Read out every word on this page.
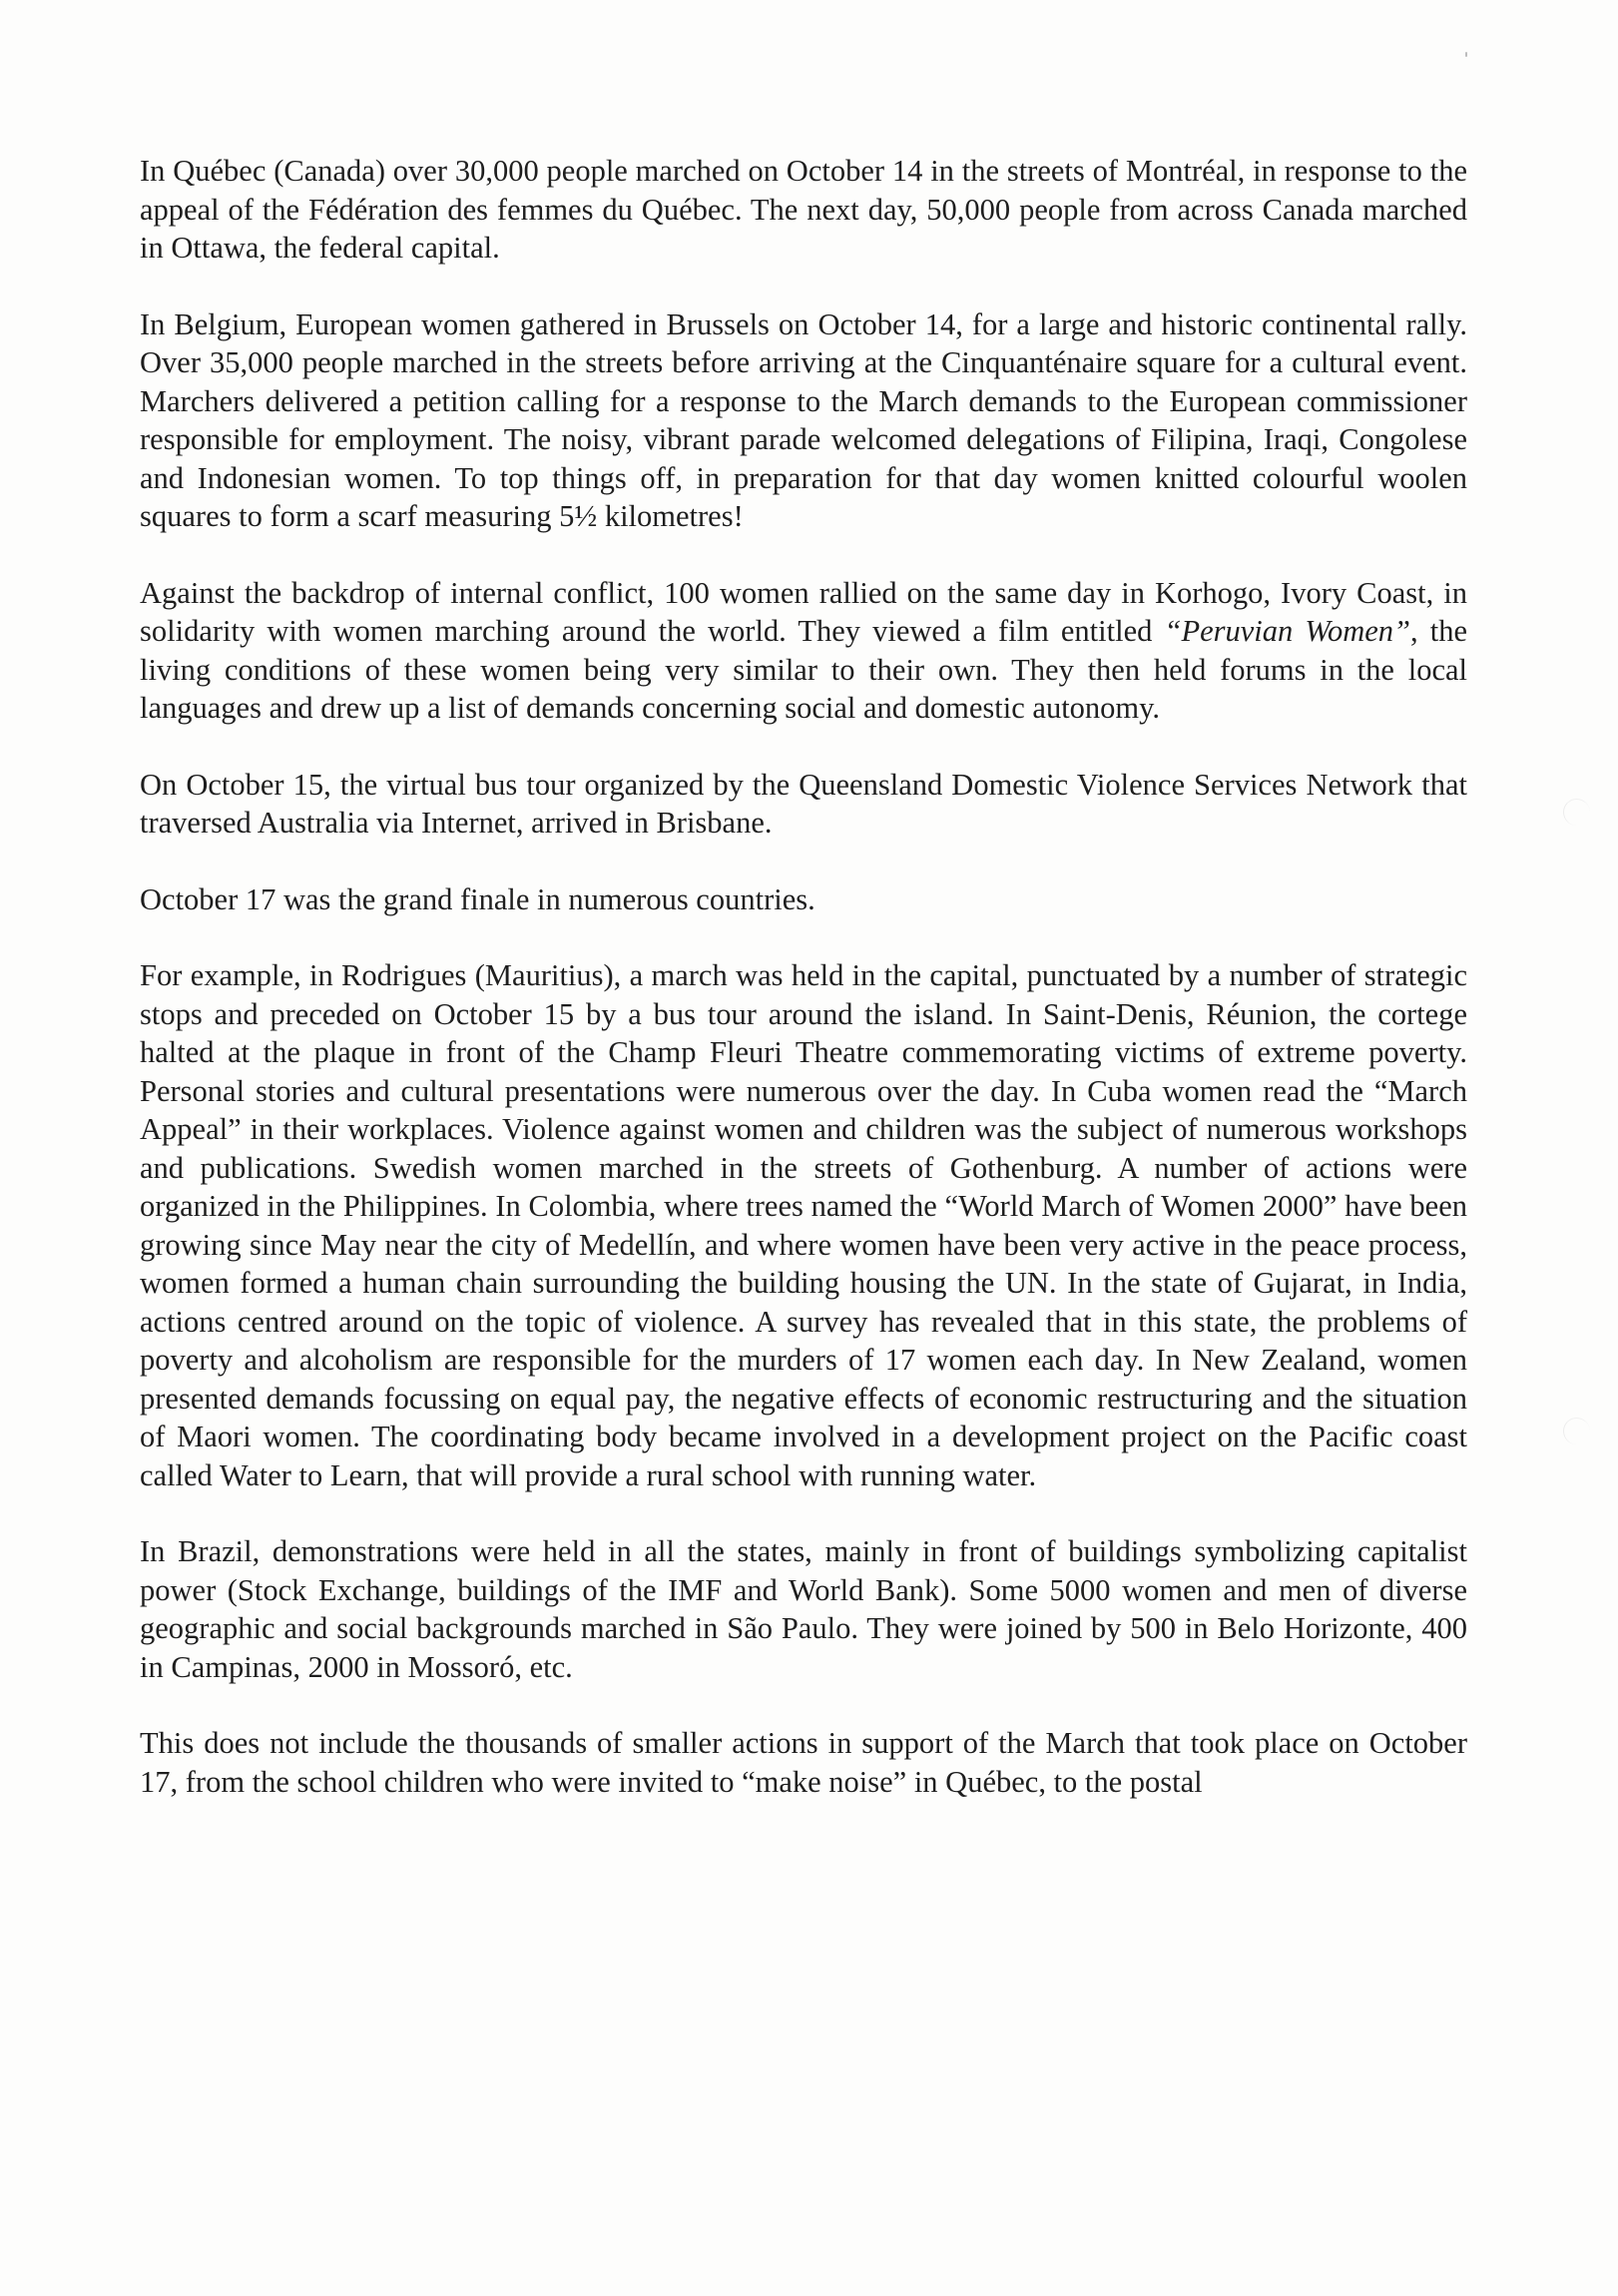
In Québec (Canada) over 30,000 people marched on October 14 in the streets of Montréal, in response to the appeal of the Fédération des femmes du Québec. The next day, 50,000 people from across Canada marched in Ottawa, the federal capital.

In Belgium, European women gathered in Brussels on October 14, for a large and historic continental rally. Over 35,000 people marched in the streets before arriving at the Cinquanténaire square for a cultural event. Marchers delivered a petition calling for a response to the March demands to the European commissioner responsible for employment. The noisy, vibrant parade welcomed delegations of Filipina, Iraqi, Congolese and Indonesian women. To top things off, in preparation for that day women knitted colourful woolen squares to form a scarf measuring 5½ kilometres!

Against the backdrop of internal conflict, 100 women rallied on the same day in Korhogo, Ivory Coast, in solidarity with women marching around the world. They viewed a film entitled “Peruvian Women”, the living conditions of these women being very similar to their own. They then held forums in the local languages and drew up a list of demands concerning social and domestic autonomy.

On October 15, the virtual bus tour organized by the Queensland Domestic Violence Services Network that traversed Australia via Internet, arrived in Brisbane.

October 17 was the grand finale in numerous countries.

For example, in Rodrigues (Mauritius), a march was held in the capital, punctuated by a number of strategic stops and preceded on October 15 by a bus tour around the island. In Saint-Denis, Réunion, the cortege halted at the plaque in front of the Champ Fleuri Theatre commemorating victims of extreme poverty. Personal stories and cultural presentations were numerous over the day. In Cuba women read the “March Appeal” in their workplaces. Violence against women and children was the subject of numerous workshops and publications. Swedish women marched in the streets of Gothenburg. A number of actions were organized in the Philippines. In Colombia, where trees named the “World March of Women 2000” have been growing since May near the city of Medellín, and where women have been very active in the peace process, women formed a human chain surrounding the building housing the UN. In the state of Gujarat, in India, actions centred around on the topic of violence. A survey has revealed that in this state, the problems of poverty and alcoholism are responsible for the murders of 17 women each day. In New Zealand, women presented demands focussing on equal pay, the negative effects of economic restructuring and the situation of Maori women. The coordinating body became involved in a development project on the Pacific coast called Water to Learn, that will provide a rural school with running water.

In Brazil, demonstrations were held in all the states, mainly in front of buildings symbolizing capitalist power (Stock Exchange, buildings of the IMF and World Bank). Some 5000 women and men of diverse geographic and social backgrounds marched in São Paulo. They were joined by 500 in Belo Horizonte, 400 in Campinas, 2000 in Mossoró, etc.

This does not include the thousands of smaller actions in support of the March that took place on October 17, from the school children who were invited to “make noise” in Québec, to the postal
